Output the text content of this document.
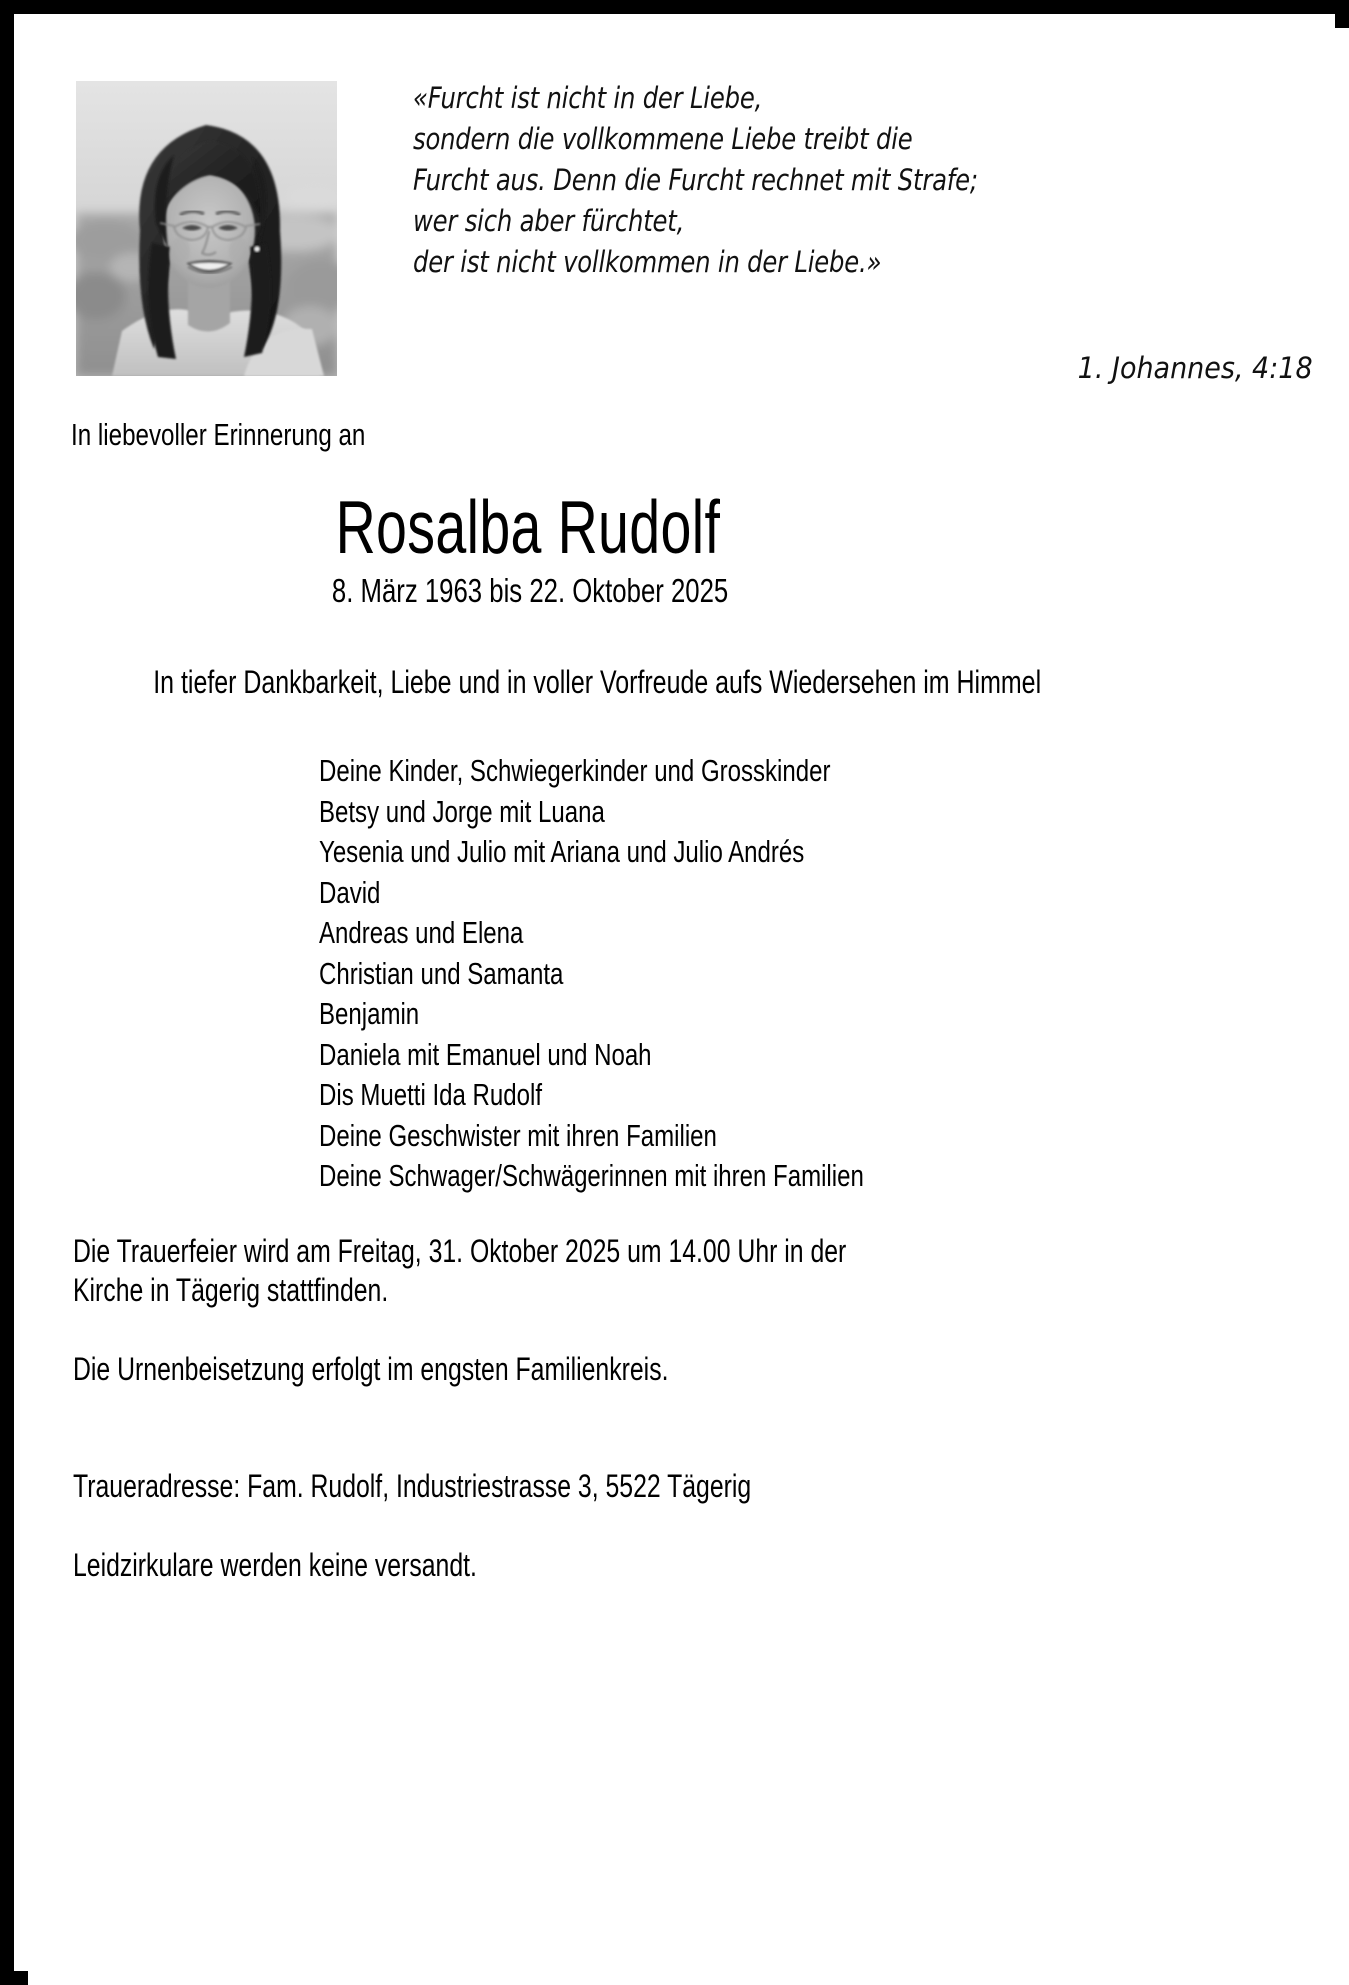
«Furcht ist nicht in der Liebe,
sondern die vollkommene Liebe treibt die
Furcht aus. Denn die Furcht rechnet mit Strafe;
wer sich aber fürchtet,
der ist nicht vollkommen in der Liebe.»
1. Johannes, 4:18
In liebevoller Erinnerung an
Rosalba Rudolf
8. März 1963 bis 22. Oktober 2025
In tiefer Dankbarkeit, Liebe und in voller Vorfreude aufs Wiedersehen im Himmel
Deine Kinder, Schwiegerkinder und Grosskinder
Betsy und Jorge mit Luana
Yesenia und Julio mit Ariana und Julio Andrés
David
Andreas und Elena
Christian und Samanta
Benjamin
Daniela mit Emanuel und Noah
Dis Muetti Ida Rudolf
Deine Geschwister mit ihren Familien
Deine Schwager/Schwägerinnen mit ihren Familien
Die Trauerfeier wird am Freitag, 31. Oktober 2025 um 14.00 Uhr in der
Kirche in Tägerig stattfinden.
Die Urnenbeisetzung erfolgt im engsten Familienkreis.
Traueradresse: Fam. Rudolf, Industriestrasse 3, 5522 Tägerig
Leidzirkulare werden keine versandt.
